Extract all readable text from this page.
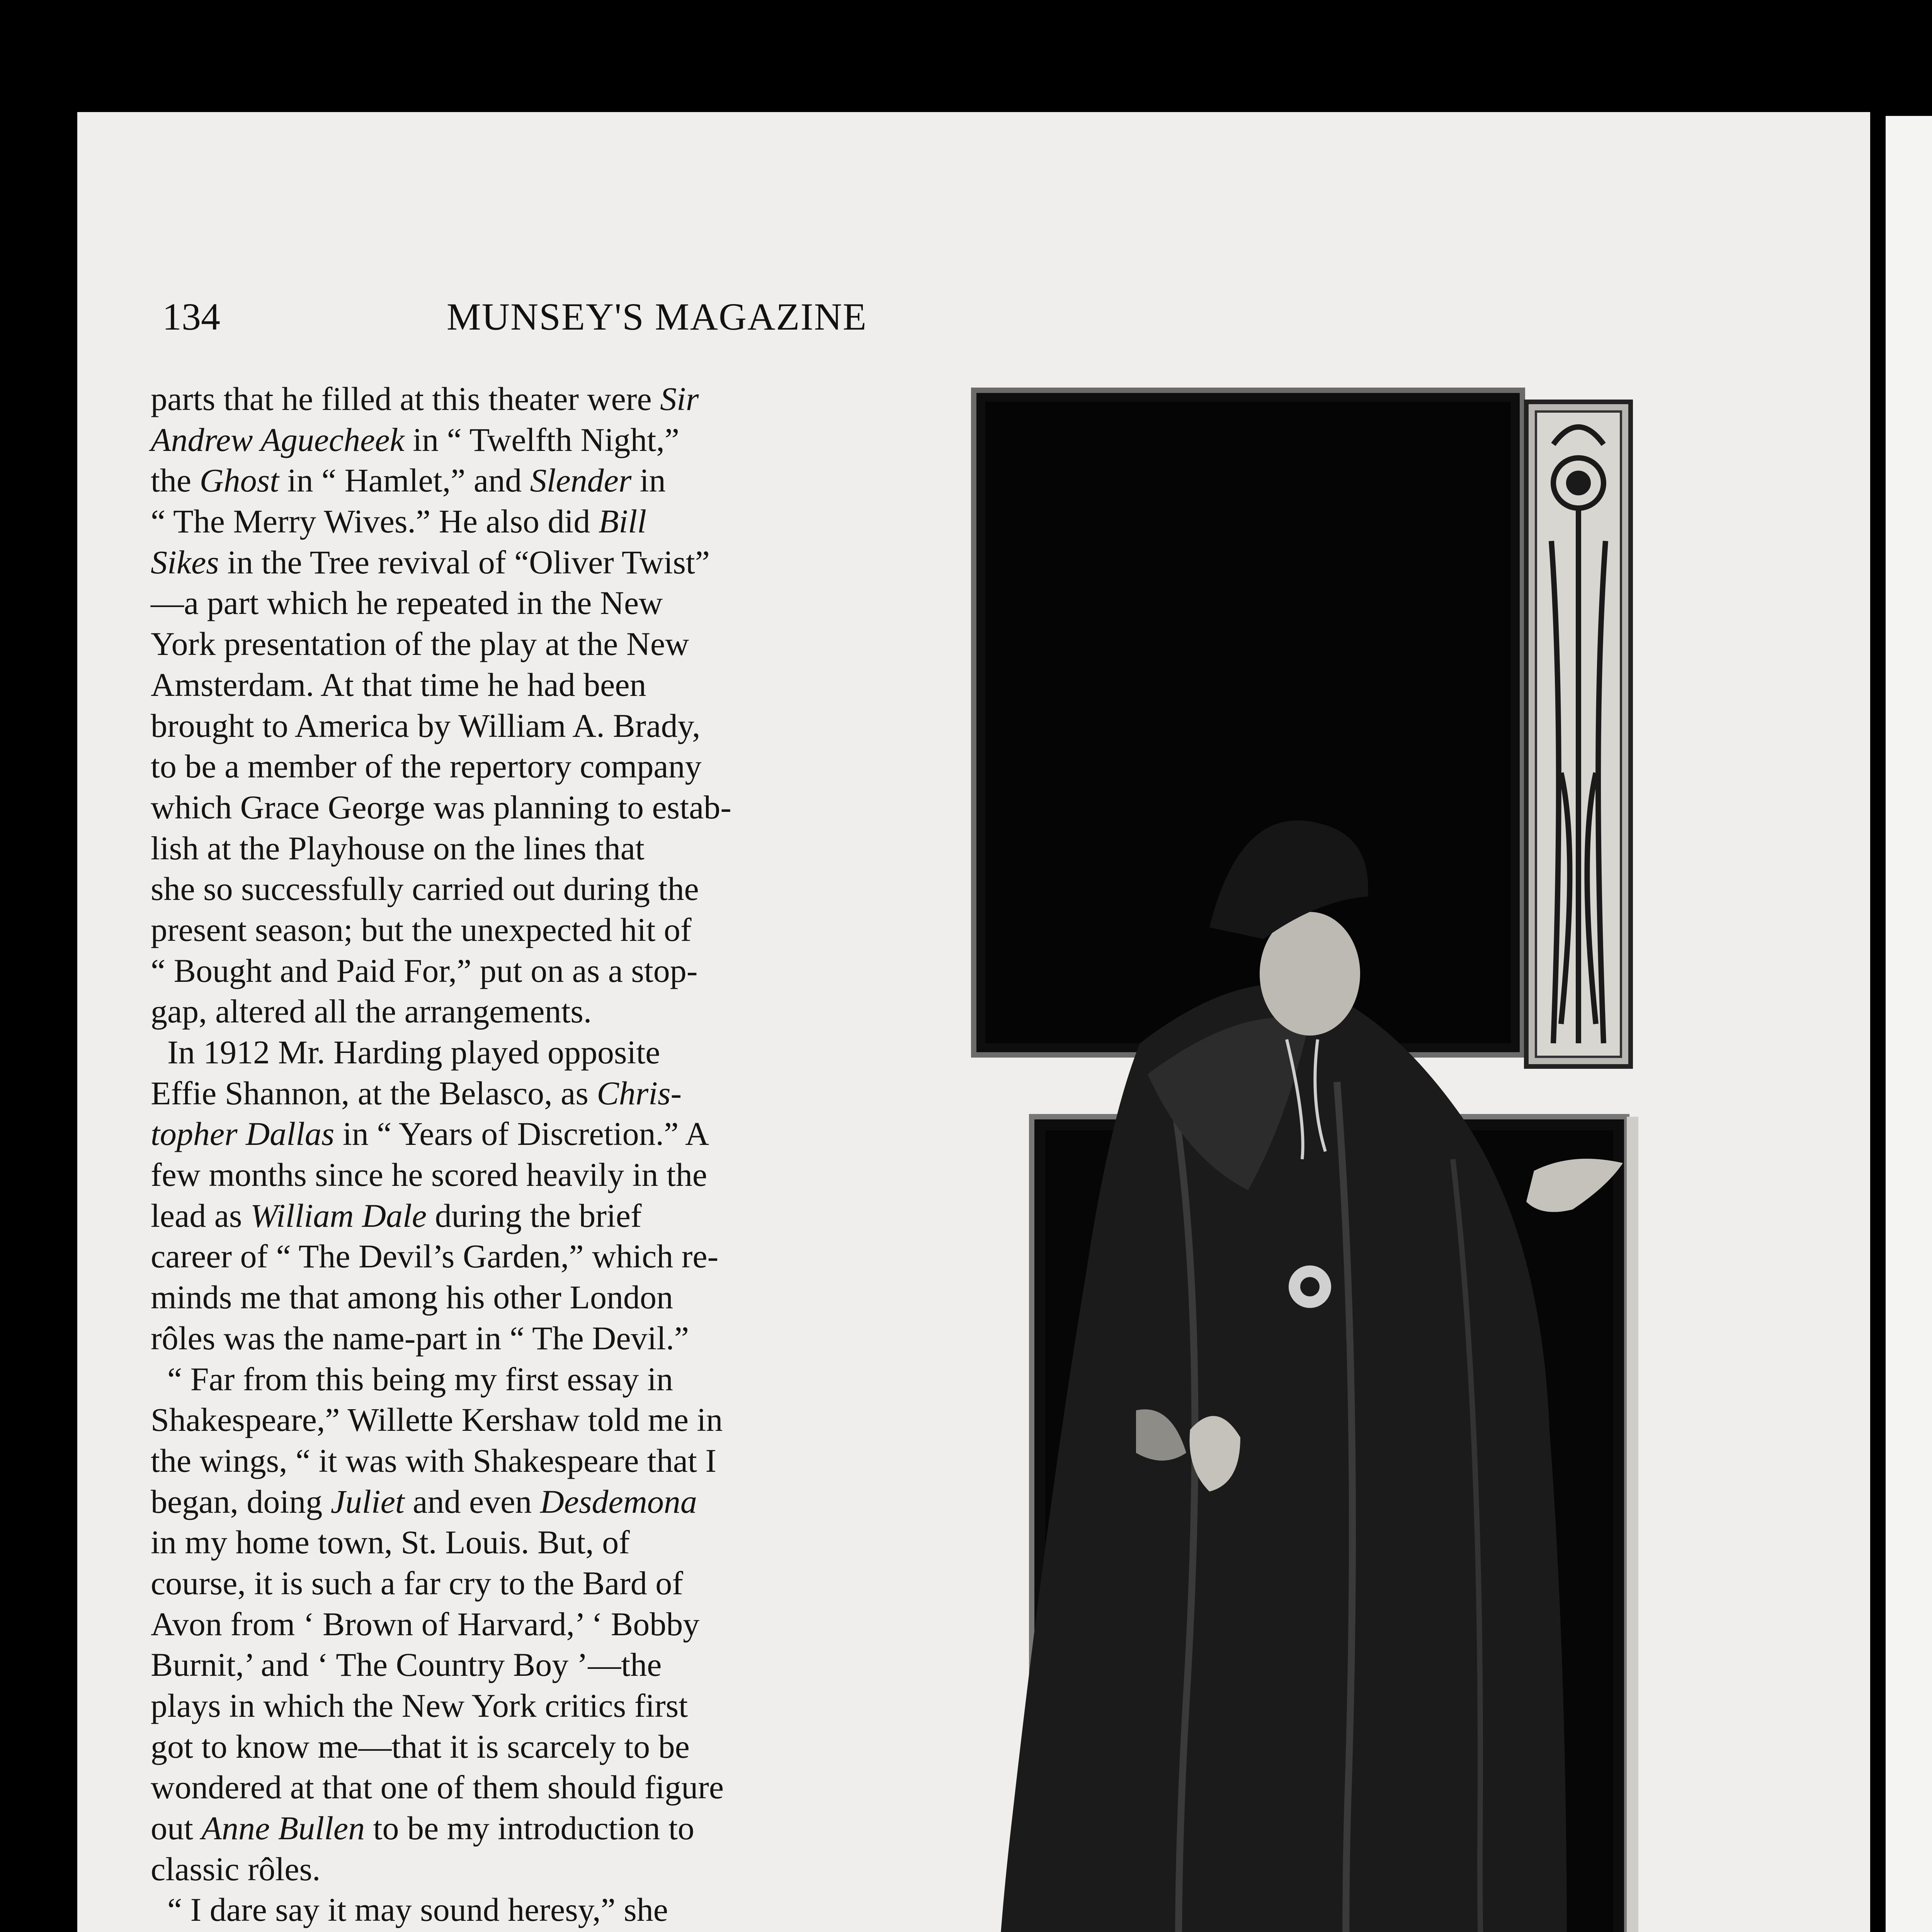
134	MUNSEY'S MAGAZINE
parts that he filled at this theater were Sir
Andrew Aguecheek in “ Twelfth Night,”
the Ghost in “ Hamlet,” and Slender in
“ The Merry Wives.” He also did Bill
Sikes in the Tree revival of “Oliver Twist”
—a part which he repeated in the New
York presentation of the play at the New
Amsterdam. At that time he had been
brought to America by William A. Brady,
to be a member of the repertory company
which Grace George was planning to estab-
lish at the Playhouse on the lines that
she so successfully carried out during the
present season; but the unexpected hit of
“ Bought and Paid For,” put on as a stop-
gap, altered all the arrangements.
In 1912 Mr. Harding played opposite
Effie Shannon, at the Belasco, as Chris-
topher Dallas in “ Years of Discretion.” A
few months since he scored heavily in the
lead as William Dale during the brief
career of “ The Devil’s Garden,” which re-
minds me that among his other London
rôles was the name-part in “ The Devil.”
“ Far from this being my first essay in
Shakespeare,” Willette Kershaw told me in
the wings, “ it was with Shakespeare that I
began, doing Juliet and even Desdemona
in my home town, St. Louis. But, of
course, it is such a far cry to the Bard of
Avon from ‘ Brown of Harvard,’ ‘ Bobby
Burnit,’ and ‘ The Country Boy ’—the
plays in which the New York critics first
got to know me—that it is scarcely to be
wondered at that one of them should figure
out Anne Bullen to be my introduction to
classic rôles.
“ I dare say it may sound heresy,” she
